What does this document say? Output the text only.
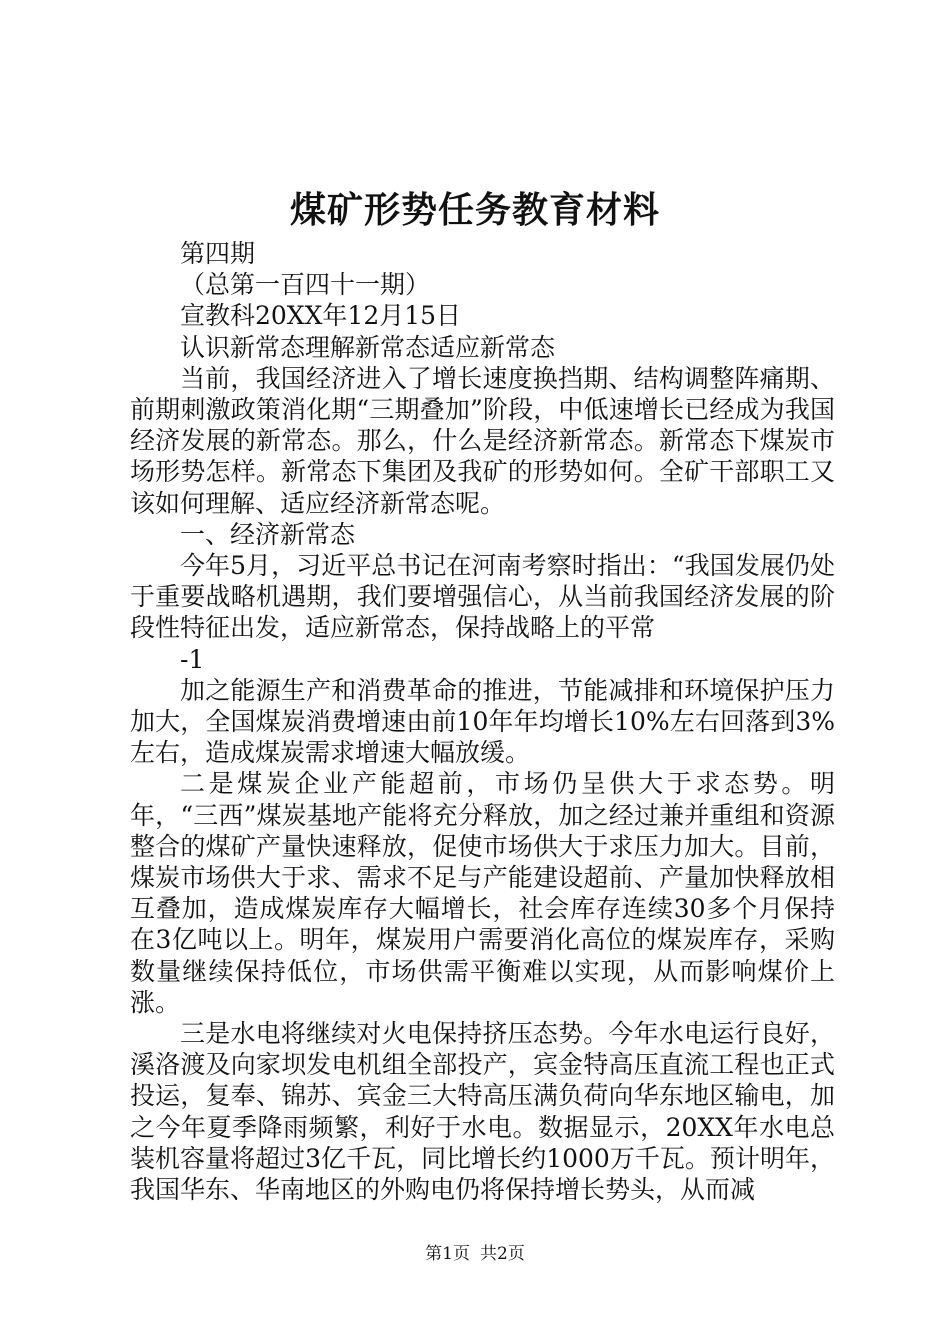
煤矿形势任务教育材料

第四期

（总第一百四十一期）

宣教科20XX年12月15日

认识新常态理解新常态适应新常态

当前，我国经济进入了增长速度换挡期、结构调整阵痛期、前期刺激政策消化期“三期叠加”阶段，中低速增长已经成为我国经济发展的新常态。那么，什么是经济新常态。新常态下煤炭市场形势怎样。新常态下集团及我矿的形势如何。全矿干部职工又该如何理解、适应经济新常态呢。

一、经济新常态

今年5月，习近平总书记在河南考察时指出：“我国发展仍处于重要战略机遇期，我们要增强信心，从当前我国经济发展的阶段性特征出发，适应新常态，保持战略上的平常

-1

加之能源生产和消费革命的推进，节能减排和环境保护压力加大，全国煤炭消费增速由前10年年均增长10%左右回落到3%左右，造成煤炭需求增速大幅放缓。

二是煤炭企业产能超前，市场仍呈供大于求态势。明年，“三西”煤炭基地产能将充分释放，加之经过兼并重组和资源整合的煤矿产量快速释放，促使市场供大于求压力加大。目前，煤炭市场供大于求、需求不足与产能建设超前、产量加快释放相互叠加，造成煤炭库存大幅增长，社会库存连续30多个月保持在3亿吨以上。明年，煤炭用户需要消化高位的煤炭库存，采购数量继续保持低位，市场供需平衡难以实现，从而影响煤价上涨。

三是水电将继续对火电保持挤压态势。今年水电运行良好，溪洛渡及向家坝发电机组全部投产，宾金特高压直流工程也正式投运，复奉、锦苏、宾金三大特高压满负荷向华东地区输电，加之今年夏季降雨频繁，利好于水电。数据显示，20XX年水电总装机容量将超过3亿千瓦，同比增长约1000万千瓦。预计明年，我国华东、华南地区的外购电仍将保持增长势头，从而减

第1页 共2页
